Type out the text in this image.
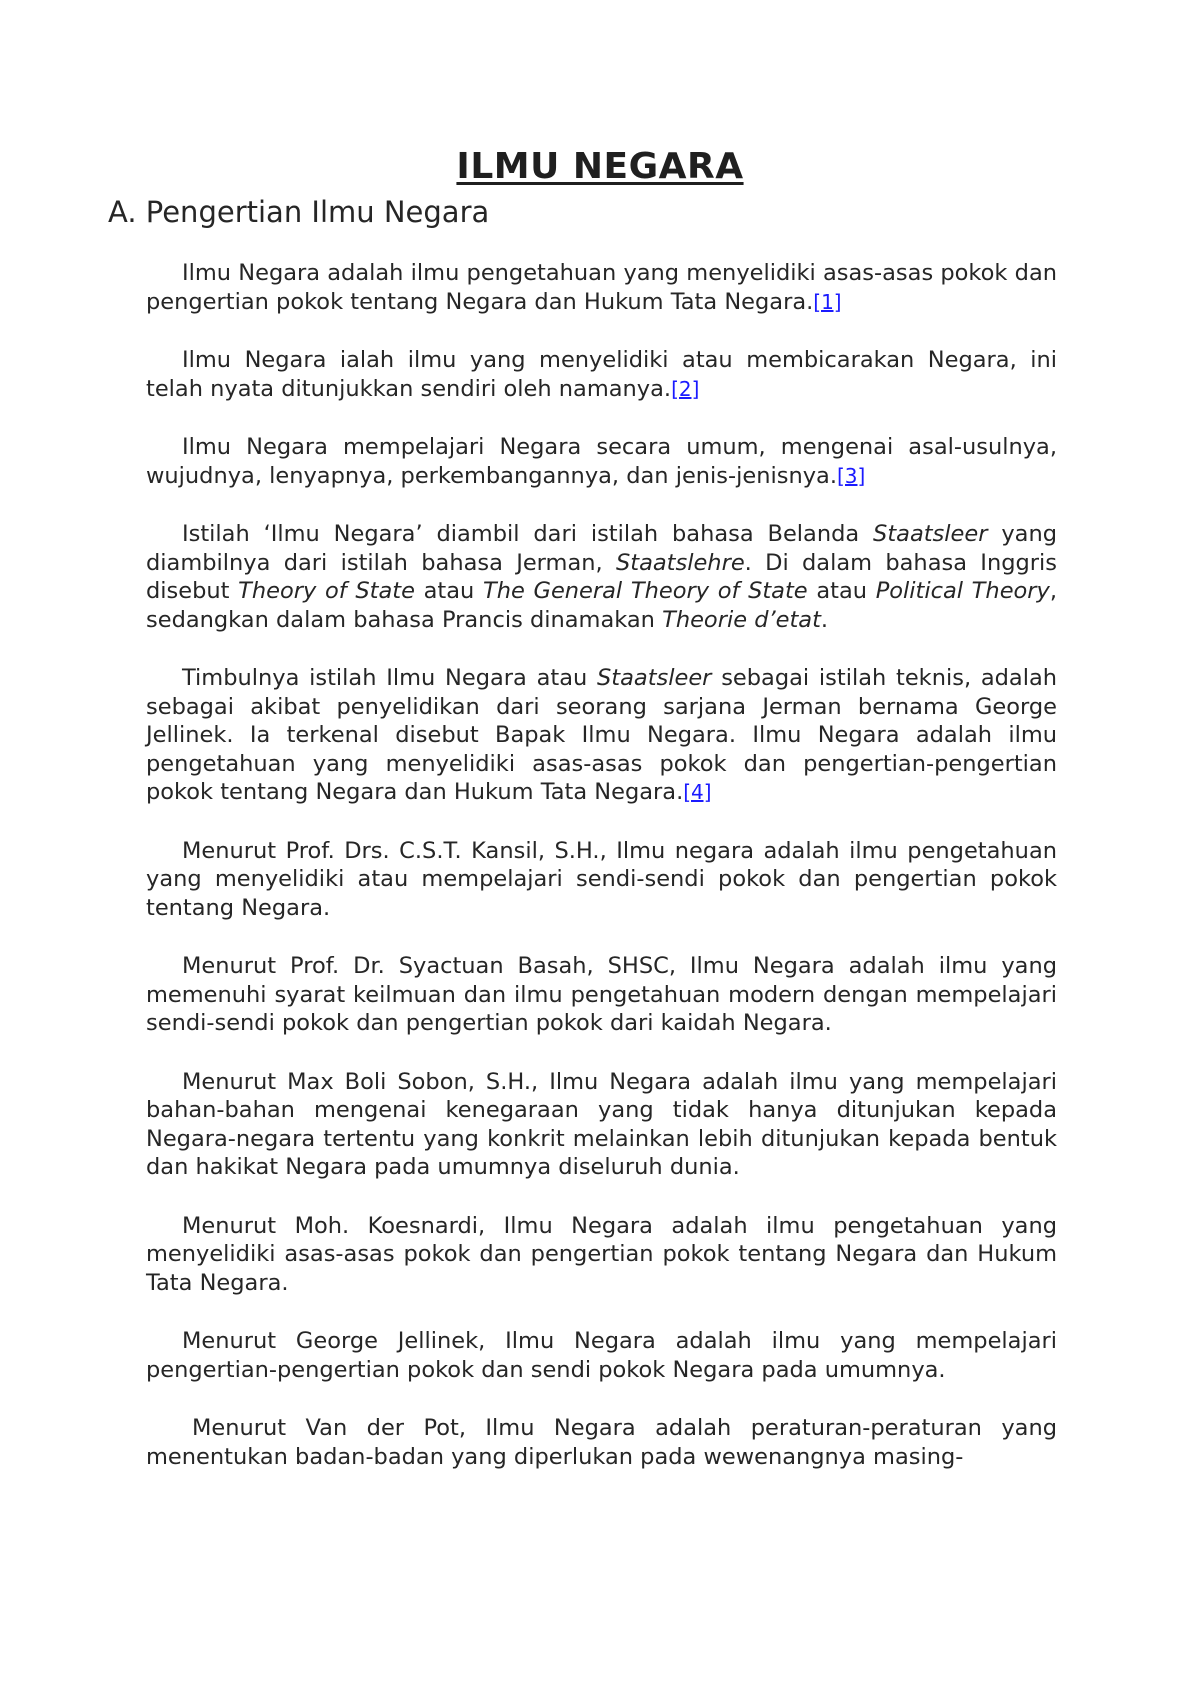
ILMU NEGARA
A. Pengertian Ilmu Negara

Ilmu Negara adalah ilmu pengetahuan yang menyelidiki asas-asas pokok dan pengertian pokok tentang Negara dan Hukum Tata Negara.[1]

Ilmu Negara ialah ilmu yang menyelidiki atau membicarakan Negara, ini telah nyata ditunjukkan sendiri oleh namanya.[2]

Ilmu Negara mempelajari Negara secara umum, mengenai asal-usulnya, wujudnya, lenyapnya, perkembangannya, dan jenis-jenisnya.[3]

Istilah ‘Ilmu Negara’ diambil dari istilah bahasa Belanda Staatsleer yang diambilnya dari istilah bahasa Jerman, Staatslehre. Di dalam bahasa Inggris disebut Theory of State atau The General Theory of State atau Political Theory, sedangkan dalam bahasa Prancis dinamakan Theorie d’etat.

Timbulnya istilah Ilmu Negara atau Staatsleer sebagai istilah teknis, adalah sebagai akibat penyelidikan dari seorang sarjana Jerman bernama George Jellinek. Ia terkenal disebut Bapak Ilmu Negara. Ilmu Negara adalah ilmu pengetahuan yang menyelidiki asas-asas pokok dan pengertian-pengertian pokok tentang Negara dan Hukum Tata Negara.[4]

Menurut Prof. Drs. C.S.T. Kansil, S.H., Ilmu negara adalah ilmu pengetahuan yang menyelidiki atau mempelajari sendi-sendi pokok dan pengertian pokok tentang Negara.

Menurut Prof. Dr. Syactuan Basah, SHSC, Ilmu Negara adalah ilmu yang memenuhi syarat keilmuan dan ilmu pengetahuan modern dengan mempelajari sendi-sendi pokok dan pengertian pokok dari kaidah Negara.

Menurut Max Boli Sobon, S.H., Ilmu Negara adalah ilmu yang mempelajari bahan-bahan mengenai kenegaraan yang tidak hanya ditunjukan kepada Negara-negara tertentu yang konkrit melainkan lebih ditunjukan kepada bentuk dan hakikat Negara pada umumnya diseluruh dunia.

Menurut Moh. Koesnardi, Ilmu Negara adalah ilmu pengetahuan yang menyelidiki asas-asas pokok dan pengertian pokok tentang Negara dan Hukum Tata Negara.

Menurut George Jellinek, Ilmu Negara adalah ilmu yang mempelajari pengertian-pengertian pokok dan sendi pokok Negara pada umumnya.

Menurut Van der Pot, Ilmu Negara adalah peraturan-peraturan yang menentukan badan-badan yang diperlukan pada wewenangnya masing-
